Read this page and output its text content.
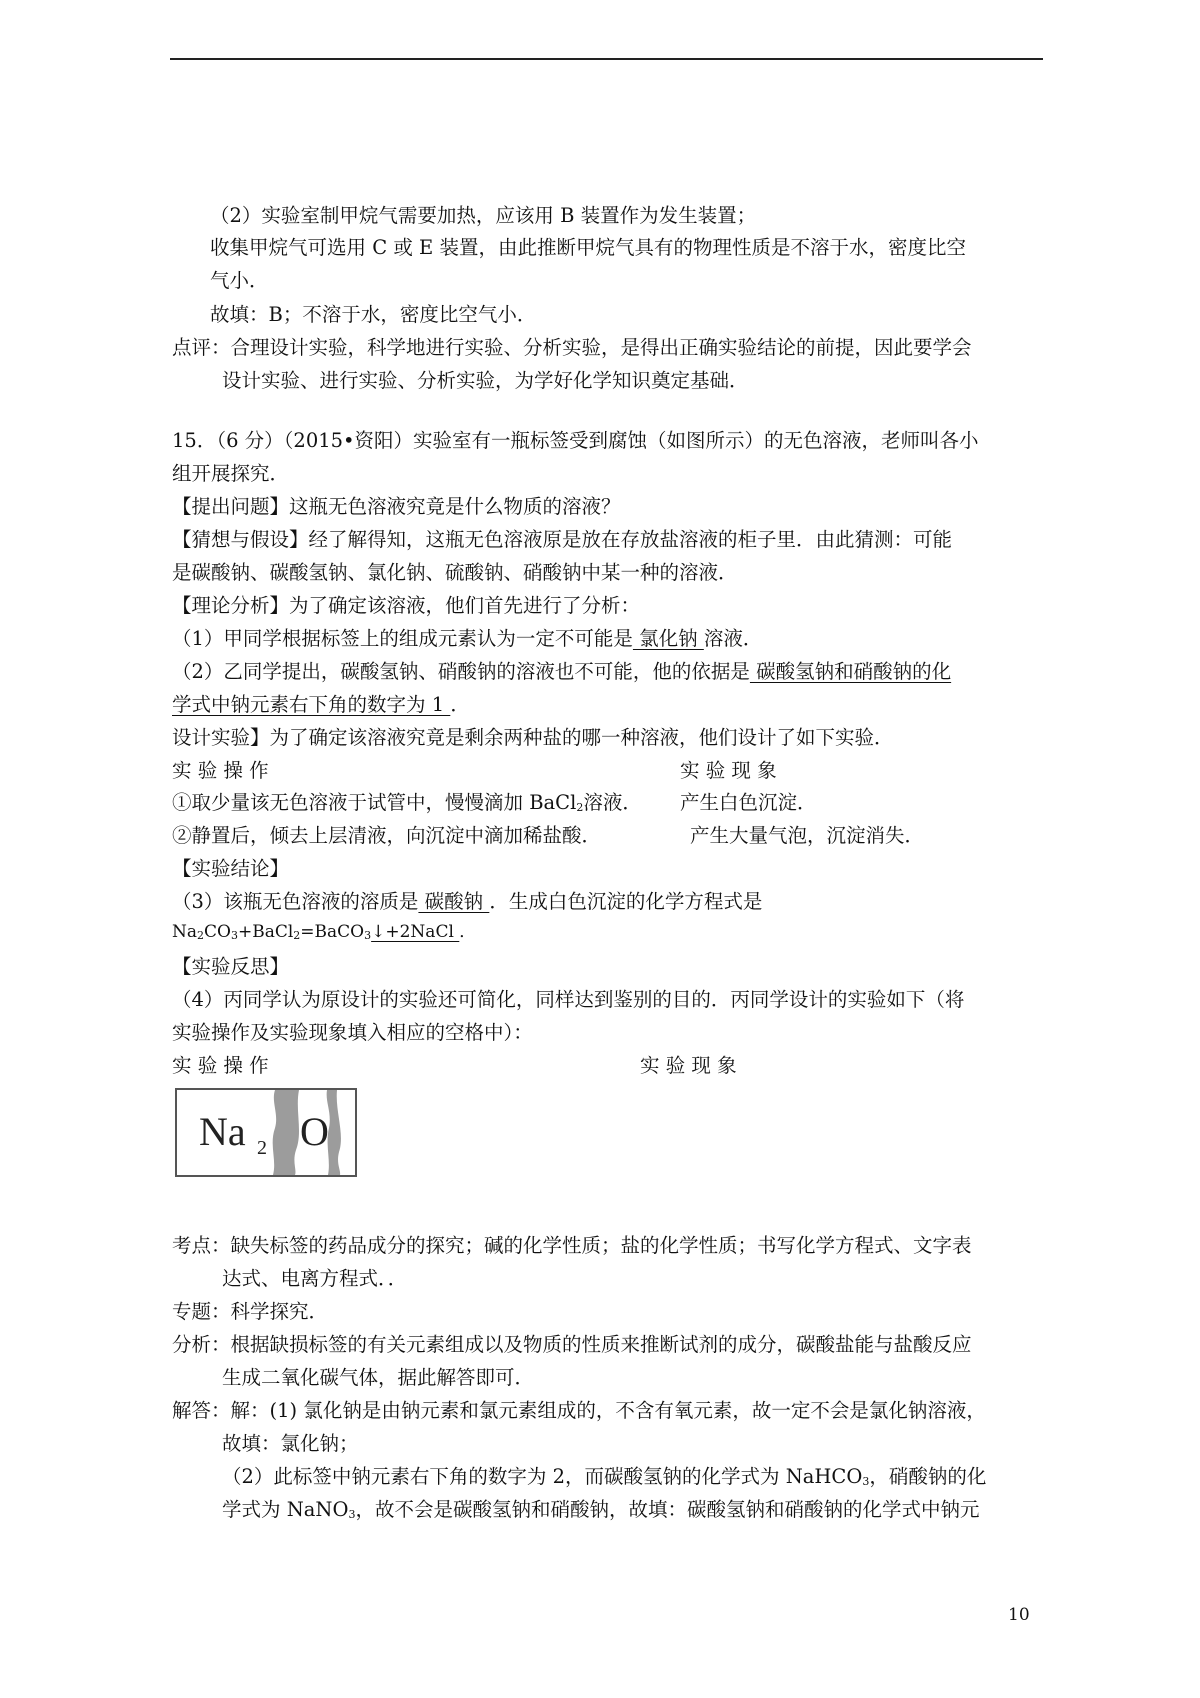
（2）实验室制甲烷气需要加热，应该用 B 装置作为发生装置；
收集甲烷气可选用 C 或 E 装置，由此推断甲烷气具有的物理性质是不溶于水，密度比空
气小．
故填：B；不溶于水，密度比空气小．
点评：合理设计实验，科学地进行实验、分析实验，是得出正确实验结论的前提，因此要学会
设计实验、进行实验、分析实验，为学好化学知识奠定基础．
15．（6 分）（2015•资阳）实验室有一瓶标签受到腐蚀（如图所示）的无色溶液，老师叫各小
组开展探究．
【提出问题】这瓶无色溶液究竟是什么物质的溶液？
【猜想与假设】经了解得知，这瓶无色溶液原是放在存放盐溶液的柜子里．由此猜测：可能
是碳酸钠、碳酸氢钠、氯化钠、硫酸钠、硝酸钠中某一种的溶液．
【理论分析】为了确定该溶液，他们首先进行了分析：
（1）甲同学根据标签上的组成元素认为一定不可能是 氯化钠 溶液．
（2）乙同学提出，碳酸氢钠、硝酸钠的溶液也不可能，他的依据是 碳酸氢钠和硝酸钠的化
学式中钠元素右下角的数字为 1 ．
设计实验】为了确定该溶液究竟是剩余两种盐的哪一种溶液，他们设计了如下实验．
实 验 操 作	实 验 现 象
①取少量该无色溶液于试管中，慢慢滴加 BaCl$_2$溶液． 产生白色沉淀．
②静置后，倾去上层清液，向沉淀中滴加稀盐酸．	产生大量气泡，沉淀消失．
【实验结论】
（3）该瓶无色溶液的溶质是 碳酸钠 ．生成白色沉淀的化学方程式是
$Na_2CO_3+BaCl_2=BaCO_3↓+2NaCl$ ．
【实验反思】
（4）丙同学认为原设计的实验还可简化，同样达到鉴别的目的．丙同学设计的实验如下（将
实验操作及实验现象填入相应的空格中）：
实 验 操 作	实 验 现 象
Na 2 O
考点：缺失标签的药品成分的探究；碱的化学性质；盐的化学性质；书写化学方程式、文字表
达式、电离方程式．．
专题：科学探究．
分析：根据缺损标签的有关元素组成以及物质的性质来推断试剂的成分，碳酸盐能与盐酸反应
生成二氧化碳气体，据此解答即可．
解答：解：(1) 氯化钠是由钠元素和氯元素组成的，不含有氧元素，故一定不会是氯化钠溶液，
故填：氯化钠；
（2）此标签中钠元素右下角的数字为 2，而碳酸氢钠的化学式为 NaHCO$_3$，硝酸钠的化
学式为 NaNO$_3$，故不会是碳酸氢钠和硝酸钠，故填：碳酸氢钠和硝酸钠的化学式中钠元
10
